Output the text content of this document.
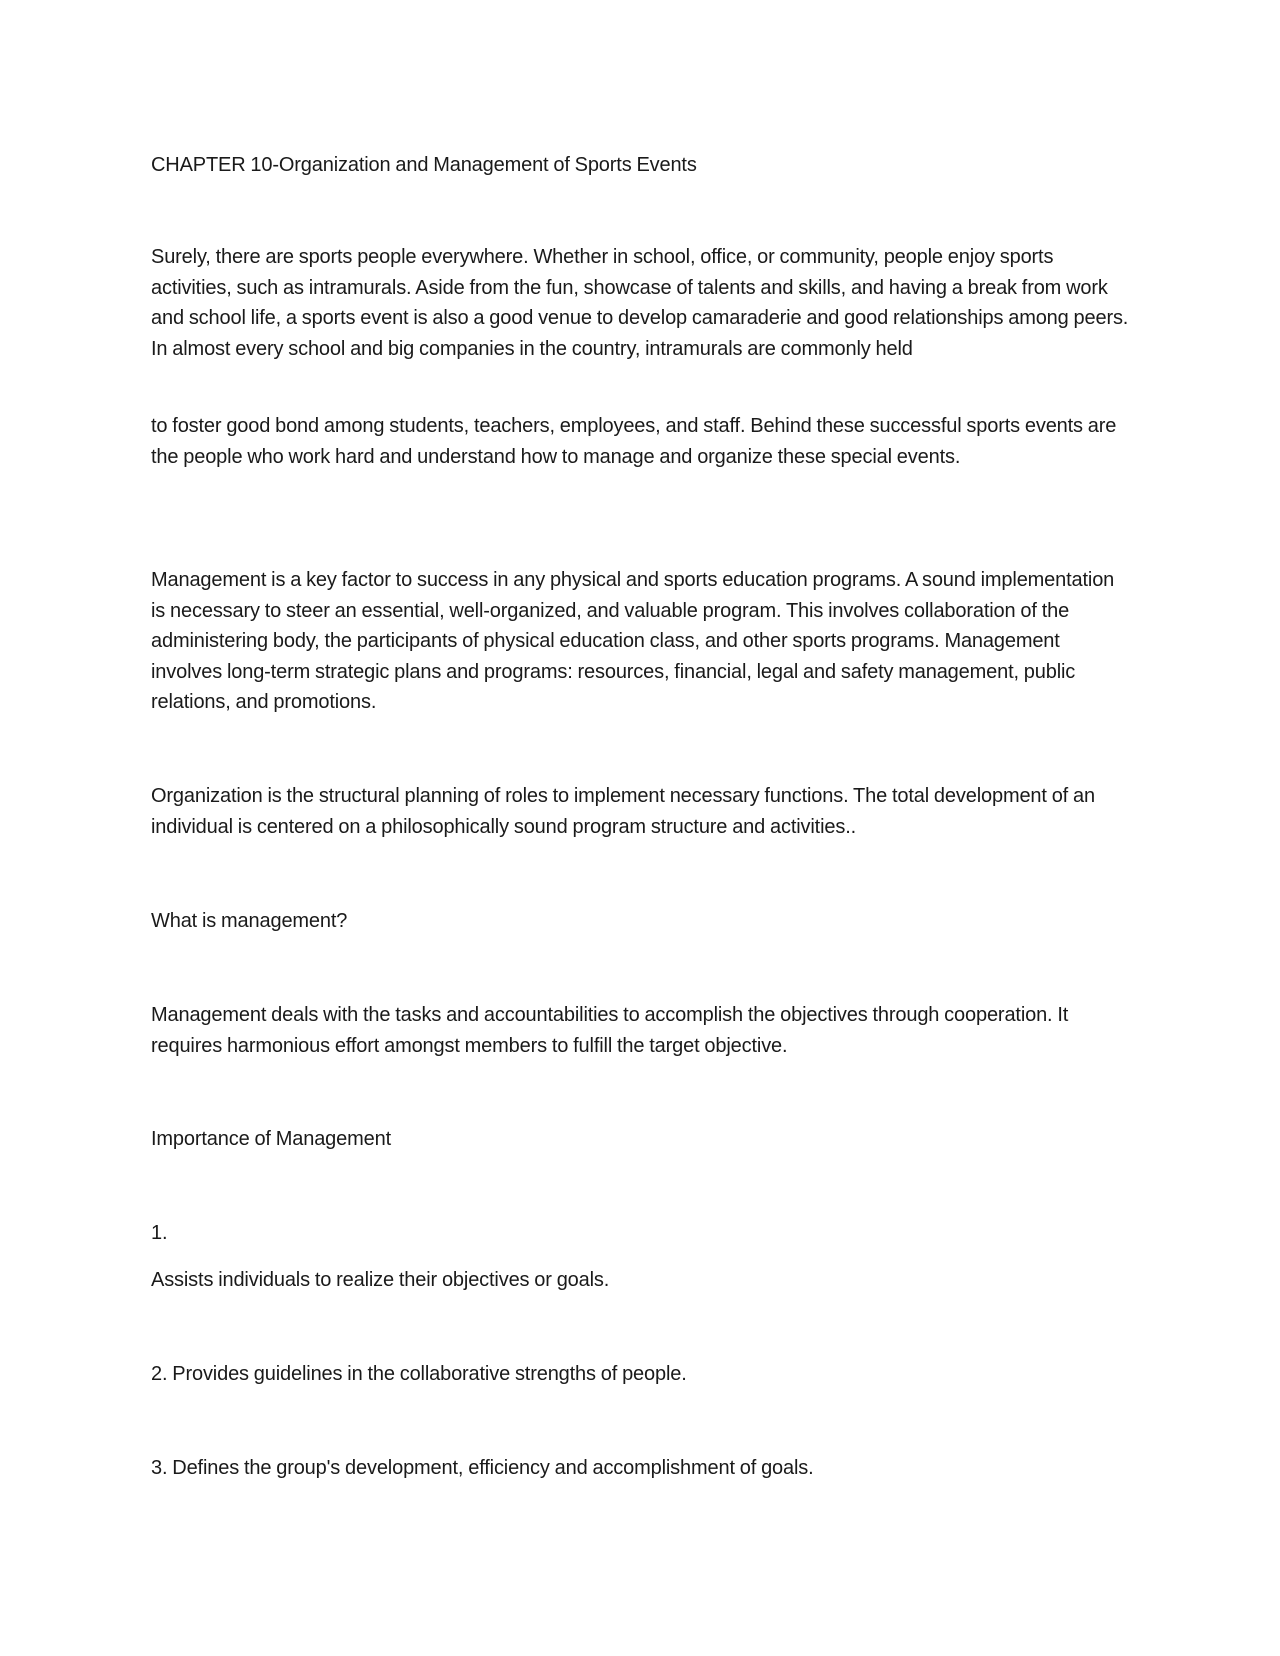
CHAPTER 10-Organization and Management of Sports Events

Surely, there are sports people everywhere. Whether in school, office, or community, people enjoy sports activities, such as intramurals. Aside from the fun, showcase of talents and skills, and having a break from work and school life, a sports event is also a good venue to develop camaraderie and good relationships among peers. In almost every school and big companies in the country, intramurals are commonly held

to foster good bond among students, teachers, employees, and staff. Behind these successful sports events are the people who work hard and understand how to manage and organize these special events.

Management is a key factor to success in any physical and sports education programs. A sound implementation is necessary to steer an essential, well-organized, and valuable program. This involves collaboration of the administering body, the participants of physical education class, and other sports programs. Management involves long-term strategic plans and programs: resources, financial, legal and safety management, public relations, and promotions.

Organization is the structural planning of roles to implement necessary functions. The total development of an individual is centered on a philosophically sound program structure and activities..

What is management?

Management deals with the tasks and accountabilities to accomplish the objectives through cooperation. It requires harmonious effort amongst members to fulfill the target objective.

Importance of Management

1.

Assists individuals to realize their objectives or goals.

2. Provides guidelines in the collaborative strengths of people.

3. Defines the group's development, efficiency and accomplishment of goals.
